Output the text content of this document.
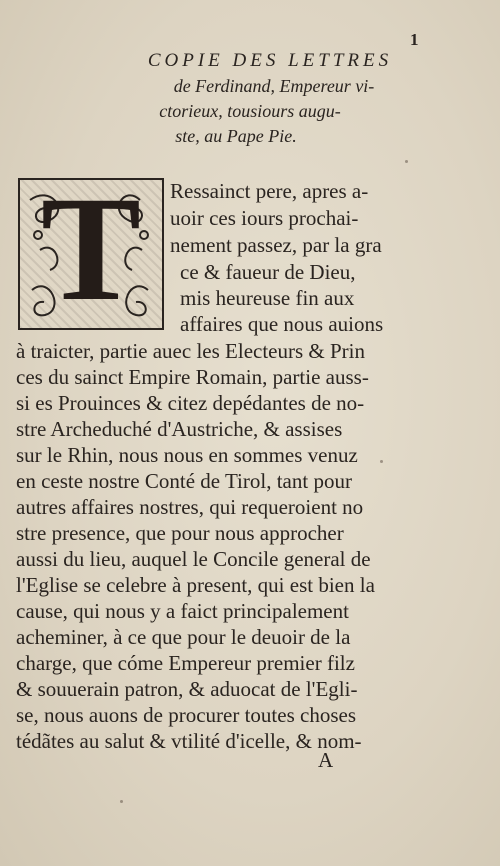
1
COPIE DES LETTRES
de Ferdinand, Empereur vi-
ctorieux, tousiours augu-
ste, au Pape Pie.
T	Ressainct pere, apres a-
uoir ces iours prochai-
nement passez, par la gra
ce & faueur de Dieu,
mis heureuse fin aux
affaires que nous auions
à traicter, partie auec les Electeurs & Prin
ces du sainct Empire Romain, partie auss-
si es Prouinces & citez depédantes de no-
stre Archeduché d'Austriche, & assises
sur le Rhin, nous nous en sommes venuz
en ceste nostre Conté de Tirol, tant pour
autres affaires nostres, qui requeroient no
stre presence, que pour nous approcher
aussi du lieu, auquel le Concile general de
l'Eglise se celebre à present, qui est bien la
cause, qui nous y a faict principalement
acheminer, à ce que pour le deuoir de la
charge, que cóme Empereur premier filz
& souuerain patron, & aduocat de l'Egli-
se, nous auons de procurer toutes choses
tédãtes au salut & vtilité d'icelle, & nom-
A
